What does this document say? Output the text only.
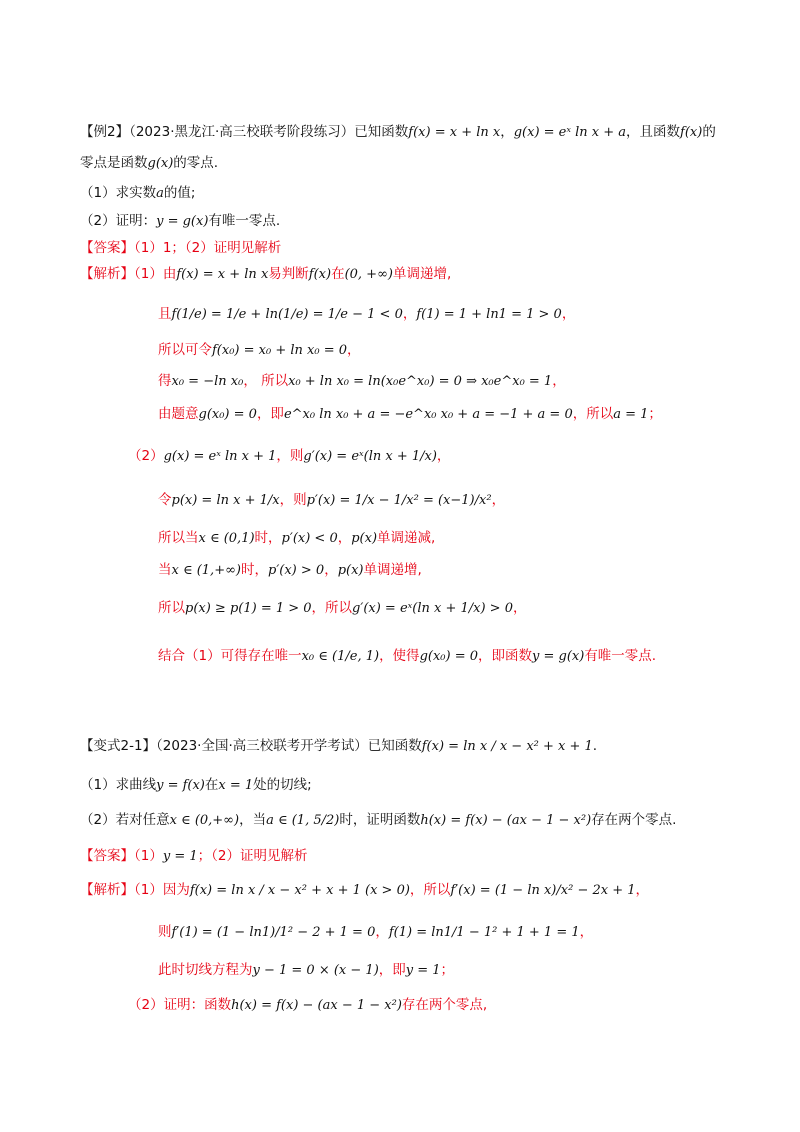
【例2】（2023·黑龙江·高三校联考阶段练习）已知函数f(x) = x + ln x，g(x) = eˣ ln x + a，且函数f(x)的
零点是函数g(x)的零点.
（1）求实数a的值;
（2）证明：y = g(x)有唯一零点.
【答案】（1）1；（2）证明见解析
【解析】（1）由f(x) = x + ln x易判断f(x)在(0, +∞)单调递增,
且f(1/e) = 1/e + ln(1/e) = 1/e − 1 < 0，f(1) = 1 + ln1 = 1 > 0，
所以可令f(x₀) = x₀ + ln x₀ = 0，
得x₀ = −ln x₀， 所以x₀ + ln x₀ = ln(x₀e^x₀) = 0 ⇒ x₀e^x₀ = 1，
由题意g(x₀) = 0，即e^x₀ ln x₀ + a = −e^x₀ x₀ + a = −1 + a = 0，所以a = 1；
（2）g(x) = eˣ ln x + 1，则g′(x) = eˣ(ln x + 1/x)，
令p(x) = ln x + 1/x，则p′(x) = 1/x − 1/x² = (x−1)/x²，
所以当x ∈ (0,1)时，p′(x) < 0，p(x)单调递减,
当x ∈ (1,+∞)时，p′(x) > 0，p(x)单调递增,
所以p(x) ≥ p(1) = 1 > 0，所以g′(x) = eˣ(ln x + 1/x) > 0，
结合（1）可得存在唯一x₀ ∈ (1/e, 1)，使得g(x₀) = 0，即函数y = g(x)有唯一零点.
【变式2-1】（2023·全国·高三校联考开学考试）已知函数f(x) = ln x / x − x² + x + 1.
（1）求曲线y = f(x)在x = 1处的切线;
（2）若对任意x ∈ (0,+∞)，当a ∈ (1, 5/2)时，证明函数h(x) = f(x) − (ax − 1 − x²)存在两个零点.
【答案】（1）y = 1；（2）证明见解析
【解析】（1）因为f(x) = ln x / x − x² + x + 1 (x > 0)，所以f′(x) = (1 − ln x)/x² − 2x + 1，
则f′(1) = (1 − ln1)/1² − 2 + 1 = 0，f(1) = ln1/1 − 1² + 1 + 1 = 1，
此时切线方程为y − 1 = 0 × (x − 1)，即y = 1；
（2）证明：函数h(x) = f(x) − (ax − 1 − x²)存在两个零点,
